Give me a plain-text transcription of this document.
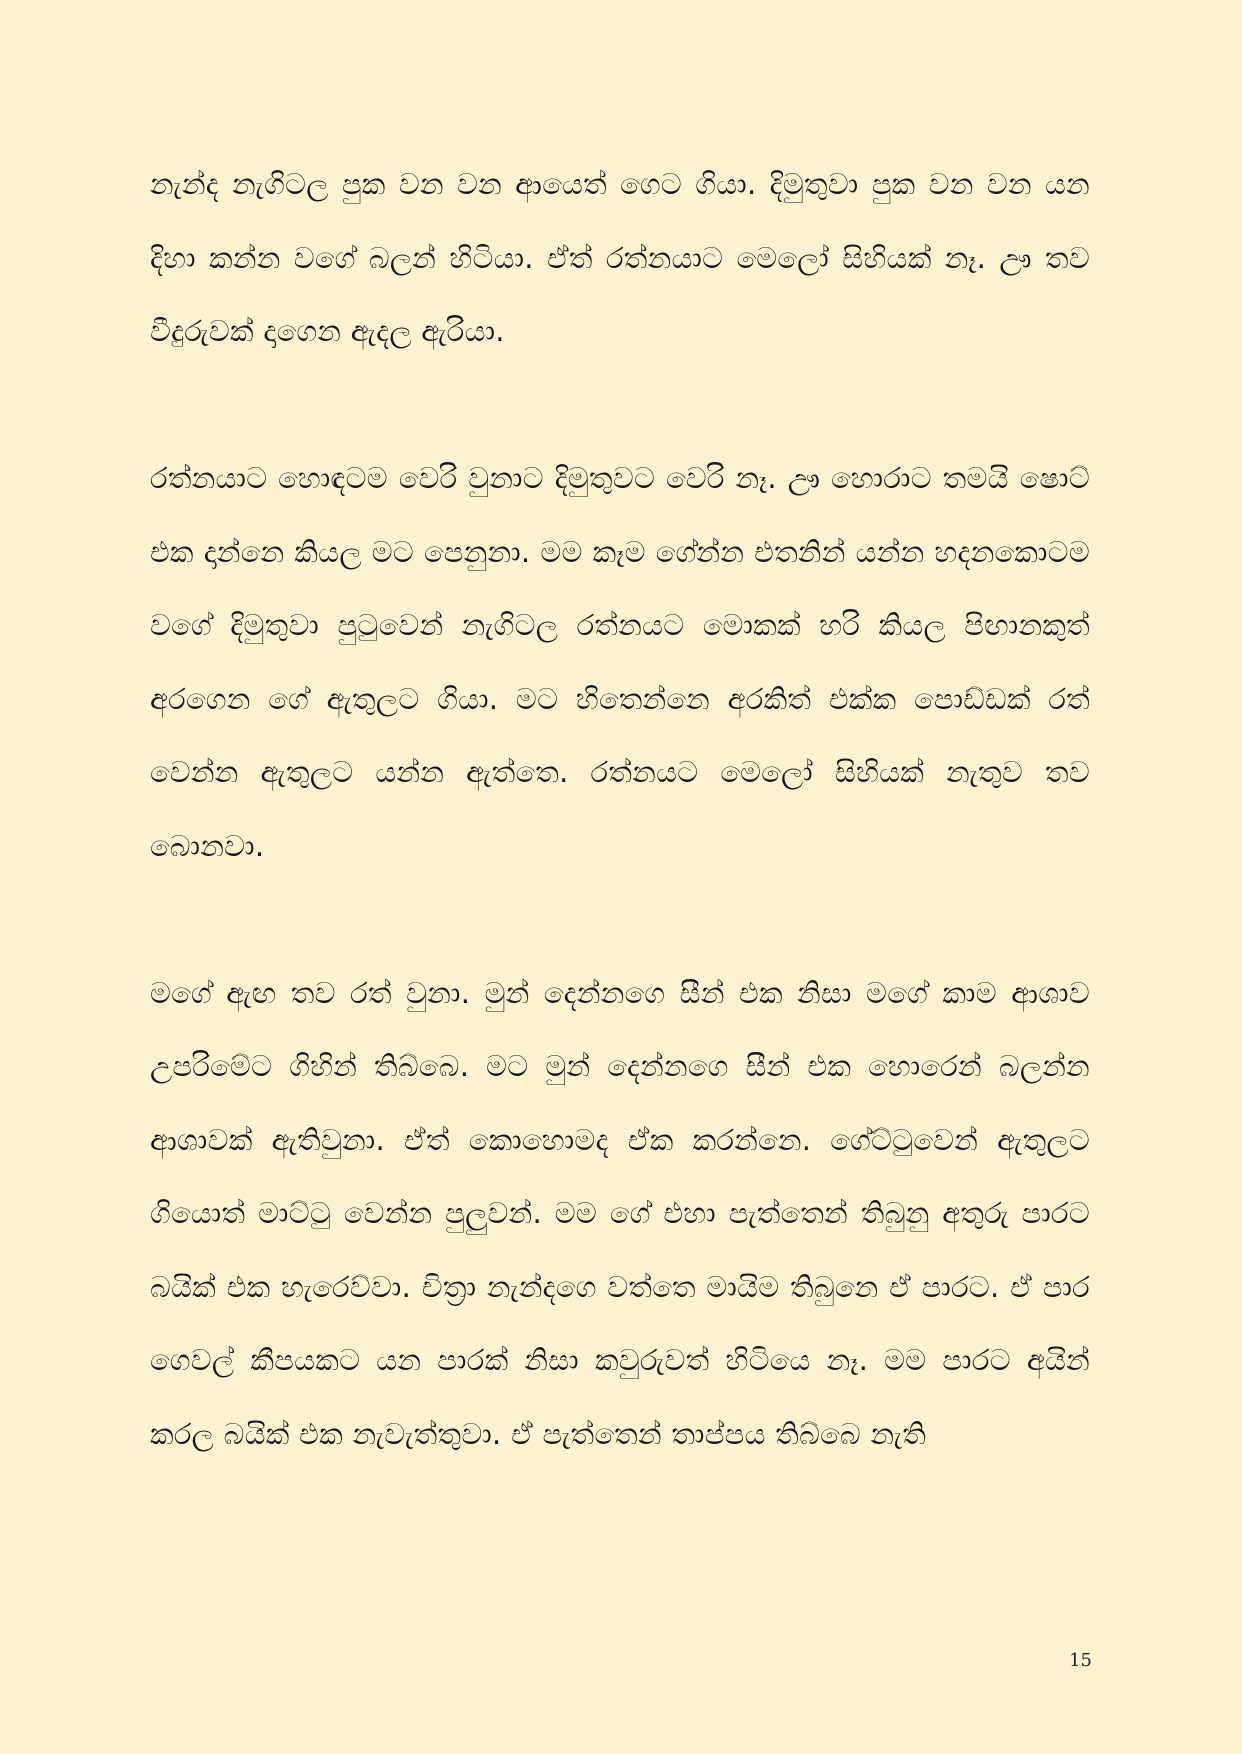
නැන්ද නැගිටල පුක වන වන ආයෙත් ගෙට ගියා. දිමුතුවා පුක වන වන යන දිහා කන්න වගේ බලන් හිටියා. ඒත් රත්නයාට මෙලෝ සිහියක් නෑ. ඌ තව වීදුරුවක් දාගෙන ඇදල ඇරියා.

රත්නයාට හොඳටම වෙරි වුනාට දිමුතුවට වෙරි නෑ. ඌ හොරාට තමයි ෂොට් එක දාන්නෙ කියල මට පෙනුනා. මම කෑම ගේන්න එතනින් යන්න හදනකොටම වගේ දිමුතුවා පුටුවෙන් නැගිටල රත්නයට මොකක් හරි කියල පිඟානකුත් අරගෙන ගේ ඇතුලට ගියා. මට හිතෙන්නෙ අරකිත් එක්ක පොඩ්ඩක් රත් වෙන්න ඇතුලට යන්න ඇත්තෙ. රත්නයට මෙලෝ සිහියක් නැතුව තව බොනවා.

මගේ ඇඟ තව රත් වුනා. මුන් දෙන්නගෙ සීන් එක නිසා මගේ කාම ආශාව උපරිමේට ගිහින් තිබ්බෙ. මට මුන් දෙන්නගෙ සීන් එක හොරෙන් බලන්න ආශාවක් ඇතිවුනා. ඒත් කොහොමද ඒක කරන්නෙ. ගේට්ටුවෙන් ඇතුලට ගියොත් මාට්ටු වෙන්න පුලුවන්. මම ගේ එහා පැත්තෙන් තිබුනු අතුරු පාරට බයික් එක හැරෙව්වා. චිත්‍රා නැන්දගෙ වත්තෙ මායිම තිබුනෙ ඒ පාරට. ඒ පාර ගෙවල් කීපයකට යන පාරක් නිසා කවුරුවත් හිටියෙ නෑ. මම පාරට අයින් කරල බයික් එක නැවැත්තුවා. ඒ පැත්තෙන් තාප්පය තිබ්බෙ නැති

15
